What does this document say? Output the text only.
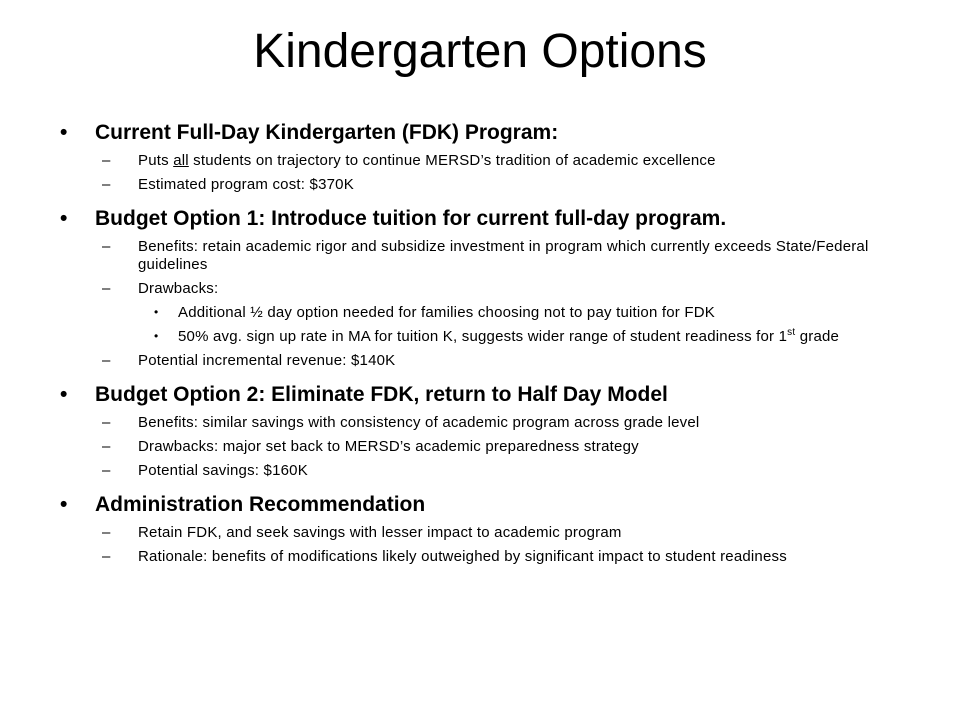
Kindergarten Options
• Current Full-Day Kindergarten (FDK) Program:
– Puts all students on trajectory to continue MERSD’s tradition of academic excellence
– Estimated program cost: $370K
• Budget Option 1: Introduce tuition for current full-day program.
– Benefits: retain academic rigor and subsidize investment in program which currently exceeds State/Federal guidelines
– Drawbacks:
• Additional ½ day option needed for families choosing not to pay tuition for FDK
• 50% avg. sign up rate in MA for tuition K, suggests wider range of student readiness for 1st grade
– Potential incremental revenue: $140K
• Budget Option 2: Eliminate FDK, return to Half Day Model
– Benefits: similar savings with consistency of academic program across grade level
– Drawbacks: major set back to MERSD’s academic preparedness strategy
– Potential savings: $160K
• Administration Recommendation
– Retain FDK, and seek savings with lesser impact to academic program
– Rationale: benefits of modifications likely outweighed by significant impact to student readiness
